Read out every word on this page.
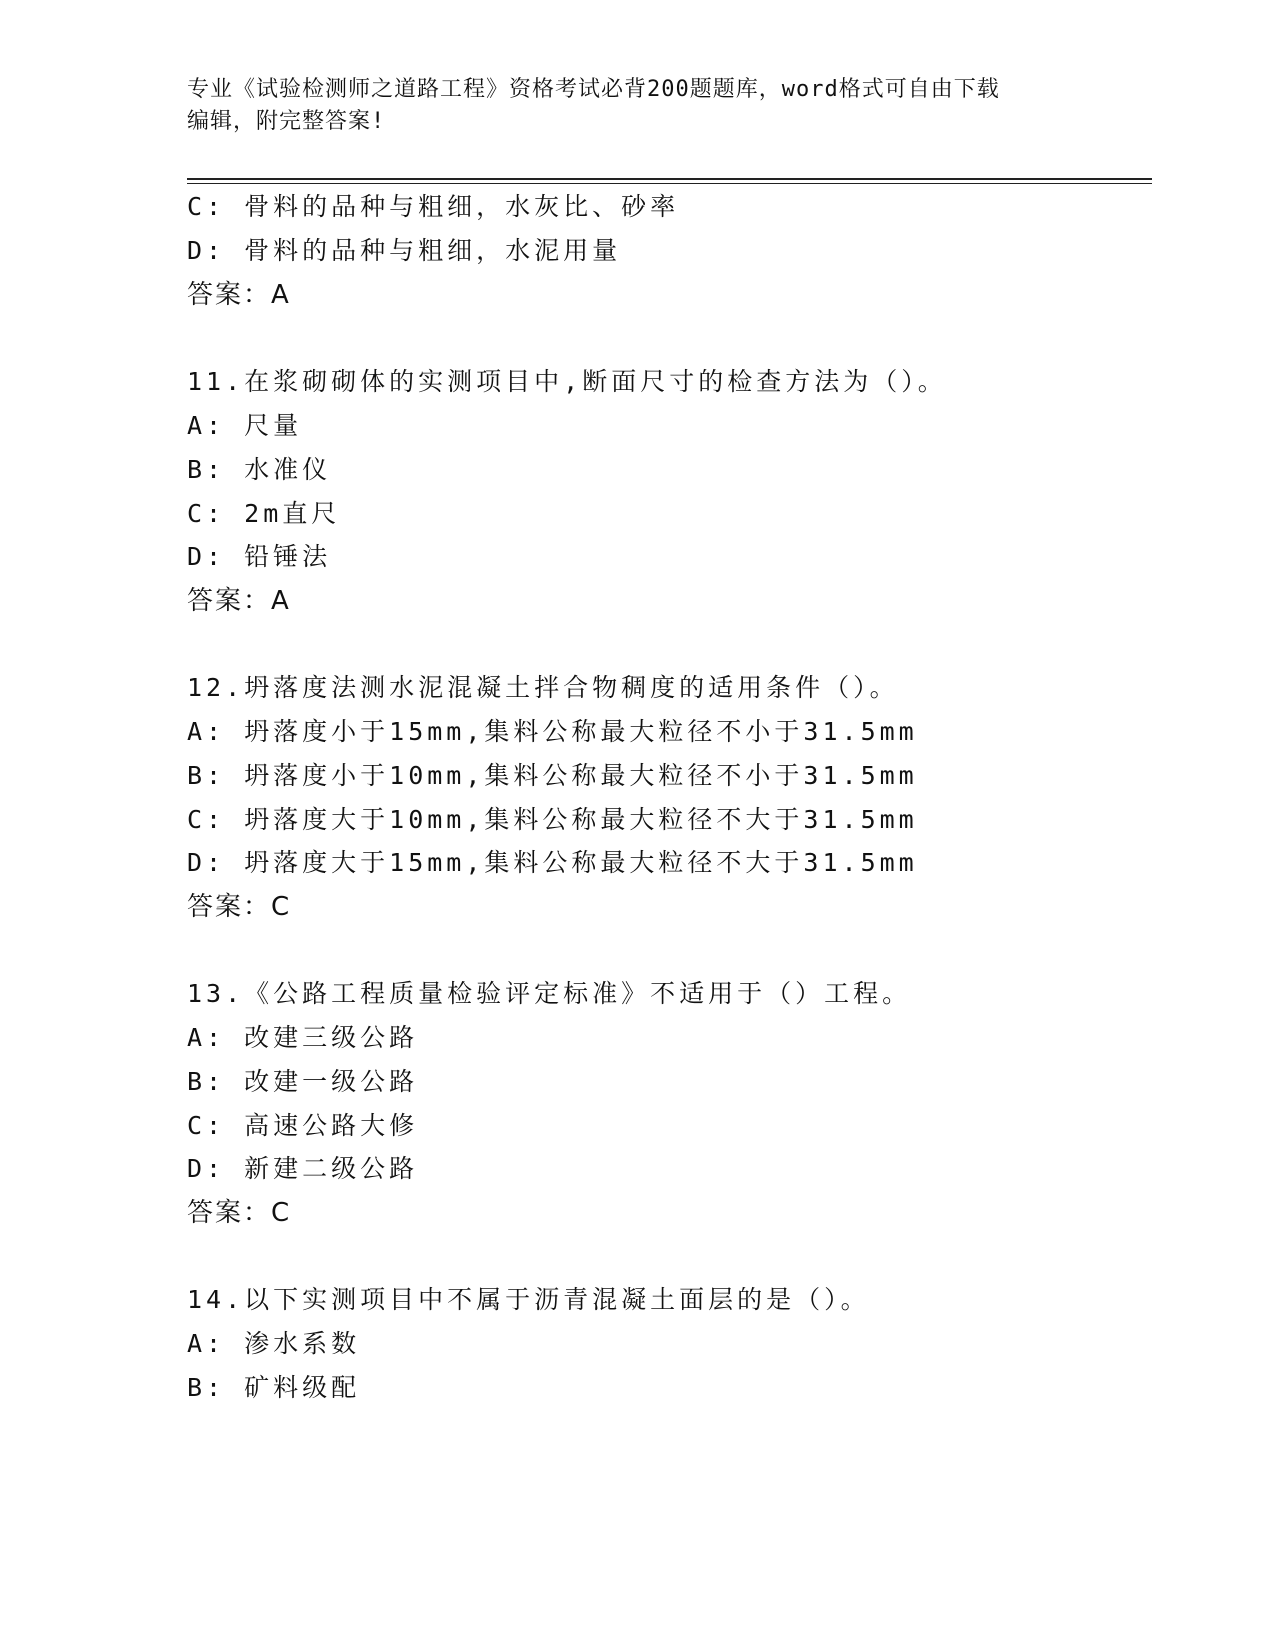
专业《试验检测师之道路工程》资格考试必背200题题库，word格式可自由下载
编辑，附完整答案!
C: 骨料的品种与粗细，水灰比、砂率
D: 骨料的品种与粗细，水泥用量
答案：A
11.在浆砌砌体的实测项目中,断面尺寸的检查方法为（）。
A: 尺量
B: 水准仪
C: 2m直尺
D: 铅锤法
答案：A
12.坍落度法测水泥混凝土拌合物稠度的适用条件（）。
A: 坍落度小于15mm,集料公称最大粒径不小于31.5mm
B: 坍落度小于10mm,集料公称最大粒径不小于31.5mm
C: 坍落度大于10mm,集料公称最大粒径不大于31.5mm
D: 坍落度大于15mm,集料公称最大粒径不大于31.5mm
答案：C
13.《公路工程质量检验评定标准》不适用于（）工程。
A: 改建三级公路
B: 改建一级公路
C: 高速公路大修
D: 新建二级公路
答案：C
14.以下实测项目中不属于沥青混凝土面层的是（）。
A: 渗水系数
B: 矿料级配
